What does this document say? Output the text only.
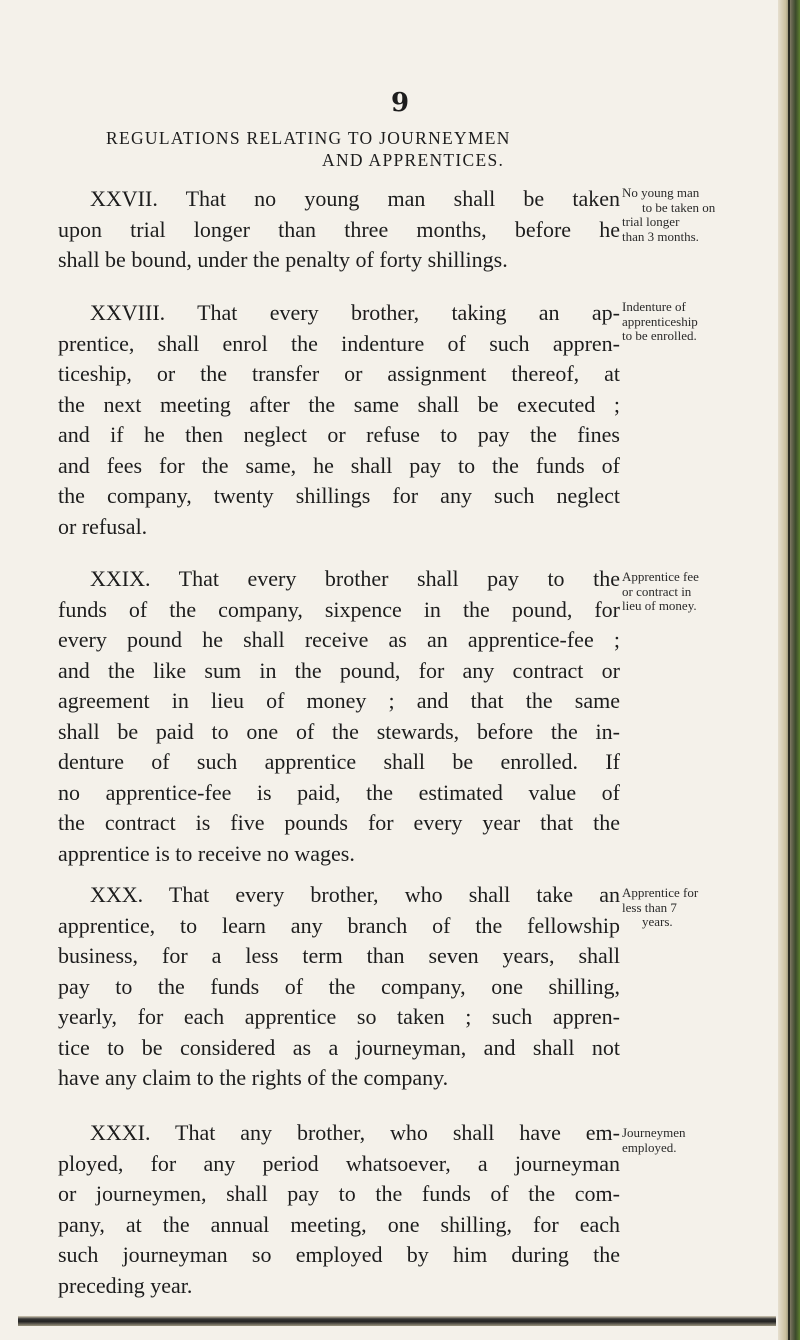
9
REGULATIONS RELATING TO JOURNEYMEN
AND APPRENTICES.
XXVII. That no young man shall be taken
upon trial longer than three months, before he
shall be bound, under the penalty of forty shillings.
No young man
to be taken on
trial longer
than 3 months.
XXVIII. That every brother, taking an ap-
prentice, shall enrol the indenture of such appren-
ticeship, or the transfer or assignment thereof, at
the next meeting after the same shall be executed ;
and if he then neglect or refuse to pay the fines
and fees for the same, he shall pay to the funds of
the company, twenty shillings for any such neglect
or refusal.
Indenture of
apprenticeship
to be enrolled.
XXIX. That every brother shall pay to the
funds of the company, sixpence in the pound, for
every pound he shall receive as an apprentice-fee ;
and the like sum in the pound, for any contract or
agreement in lieu of money ; and that the same
shall be paid to one of the stewards, before the in-
denture of such apprentice shall be enrolled. If
no apprentice-fee is paid, the estimated value of
the contract is five pounds for every year that the
apprentice is to receive no wages.
Apprentice fee
or contract in
lieu of money.
XXX. That every brother, who shall take an
apprentice, to learn any branch of the fellowship
business, for a less term than seven years, shall
pay to the funds of the company, one shilling,
yearly, for each apprentice so taken ; such appren-
tice to be considered as a journeyman, and shall not
have any claim to the rights of the company.
Apprentice for
less than 7
years.
XXXI. That any brother, who shall have em-
ployed, for any period whatsoever, a journeyman
or journeymen, shall pay to the funds of the com-
pany, at the annual meeting, one shilling, for each
such journeyman so employed by him during the
preceding year.
Journeymen
employed.
